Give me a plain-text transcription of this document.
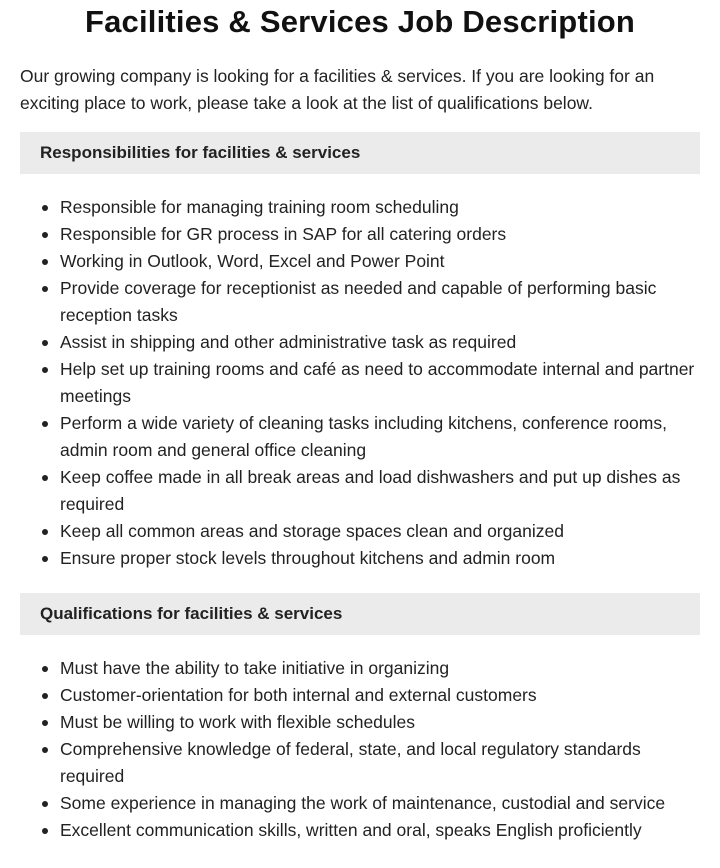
Facilities & Services Job Description

Our growing company is looking for a facilities & services. If you are looking for an exciting place to work, please take a look at the list of qualifications below.

Responsibilities for facilities & services
Responsible for managing training room scheduling
Responsible for GR process in SAP for all catering orders
Working in Outlook, Word, Excel and Power Point
Provide coverage for receptionist as needed and capable of performing basic reception tasks
Assist in shipping and other administrative task as required
Help set up training rooms and café as need to accommodate internal and partner meetings
Perform a wide variety of cleaning tasks including kitchens, conference rooms, admin room and general office cleaning
Keep coffee made in all break areas and load dishwashers and put up dishes as required
Keep all common areas and storage spaces clean and organized
Ensure proper stock levels throughout kitchens and admin room
Qualifications for facilities & services
Must have the ability to take initiative in organizing
Customer-orientation for both internal and external customers
Must be willing to work with flexible schedules
Comprehensive knowledge of federal, state, and local regulatory standards required
Some experience in managing the work of maintenance, custodial and service
Excellent communication skills, written and oral, speaks English proficiently
